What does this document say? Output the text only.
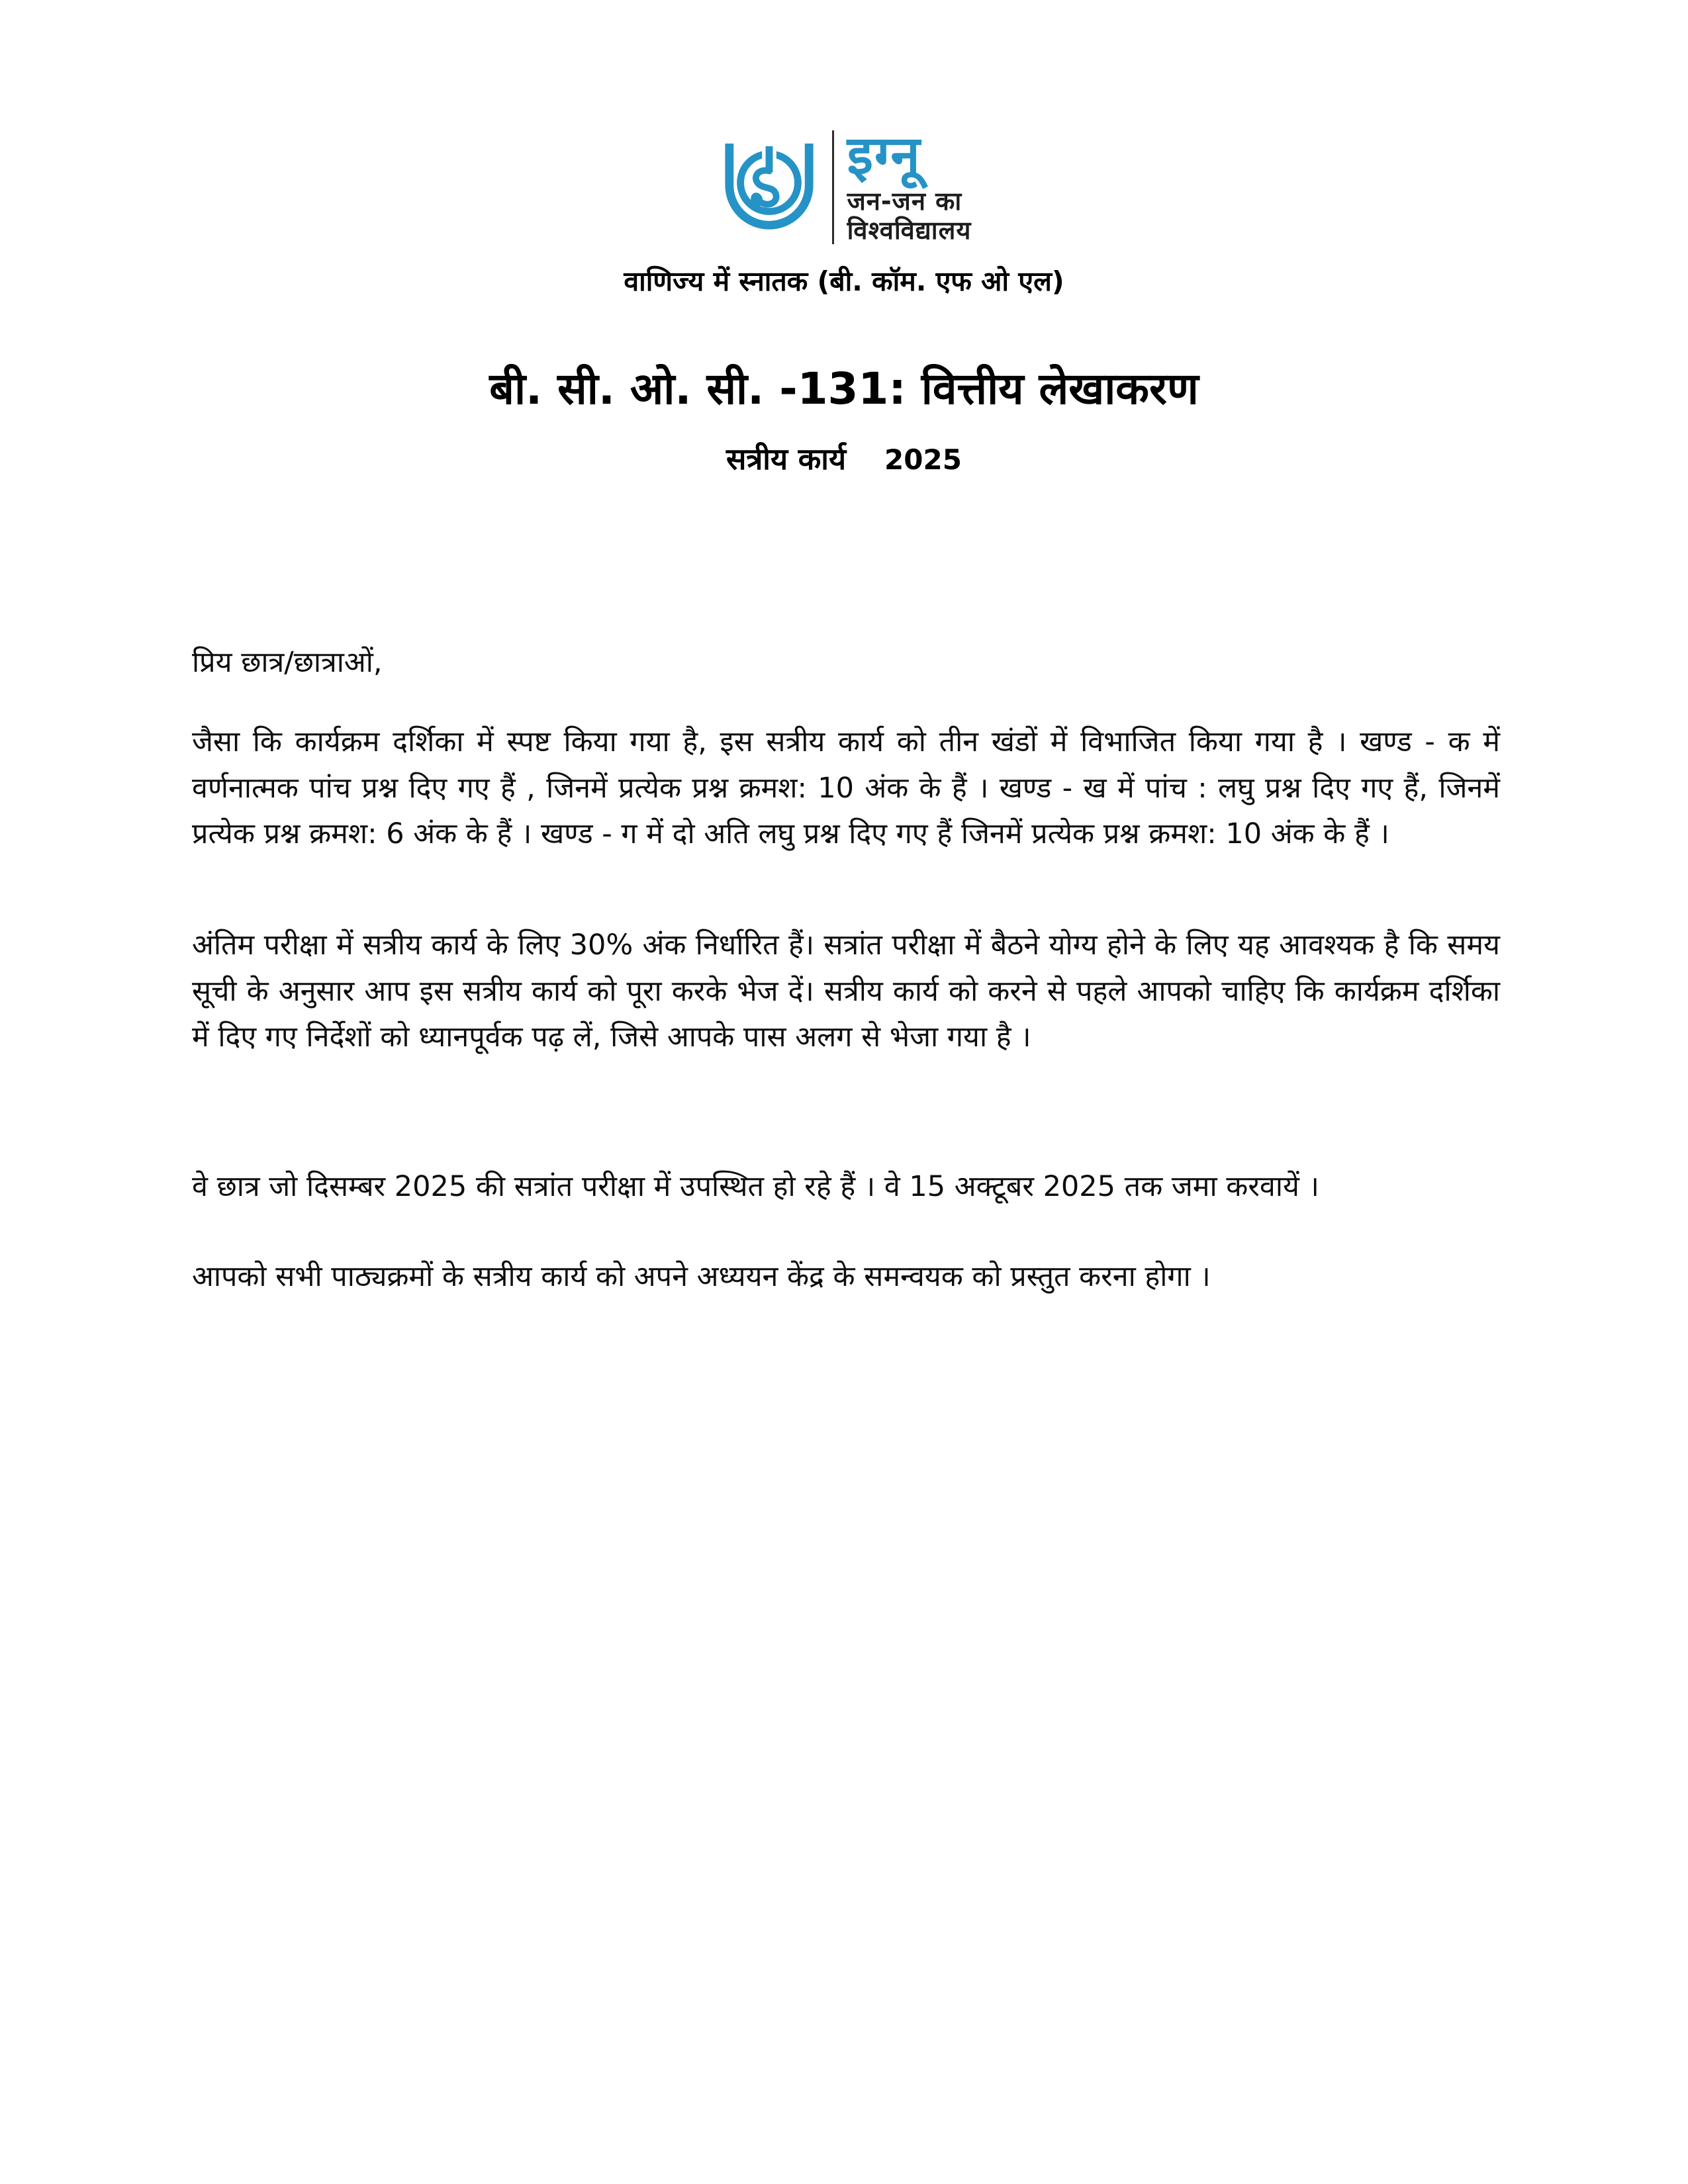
इग्नू
जन-जन का
विश्वविद्यालय
वाणिज्य में स्नातक (बी. कॉम. एफ ओ एल)
बी. सी. ओ. सी. -131: वित्तीय लेखाकरण
सत्रीय कार्य 2025

प्रिय छात्र/छात्राओं,

जैसा कि कार्यक्रम दर्शिका में स्पष्ट किया गया है, इस सत्रीय कार्य को तीन खंडों में विभाजित किया गया है । खण्ड - क में वर्णनात्मक पांच प्रश्न दिए गए हैं , जिनमें प्रत्येक प्रश्न क्रमश: 10 अंक के हैं । खण्ड - ख में पांच : लघु प्रश्न दिए गए हैं, जिनमें प्रत्येक प्रश्न क्रमश: 6 अंक के हैं । खण्ड - ग में दो अति लघु प्रश्न दिए गए हैं जिनमें प्रत्येक प्रश्न क्रमश: 10 अंक के हैं ।

अंतिम परीक्षा में सत्रीय कार्य के लिए 30% अंक निर्धारित हैं। सत्रांत परीक्षा में बैठने योग्य होने के लिए यह आवश्यक है कि समय सूची के अनुसार आप इस सत्रीय कार्य को पूरा करके भेज दें। सत्रीय कार्य को करने से पहले आपको चाहिए कि कार्यक्रम दर्शिका में दिए गए निर्देशों को ध्यानपूर्वक पढ़ लें, जिसे आपके पास अलग से भेजा गया है ।

वे छात्र जो दिसम्बर 2025 की सत्रांत परीक्षा में उपस्थित हो रहे हैं । वे 15 अक्टूबर 2025 तक जमा करवायें ।

आपको सभी पाठ्यक्रमों के सत्रीय कार्य को अपने अध्ययन केंद्र के समन्वयक को प्रस्तुत करना होगा ।
